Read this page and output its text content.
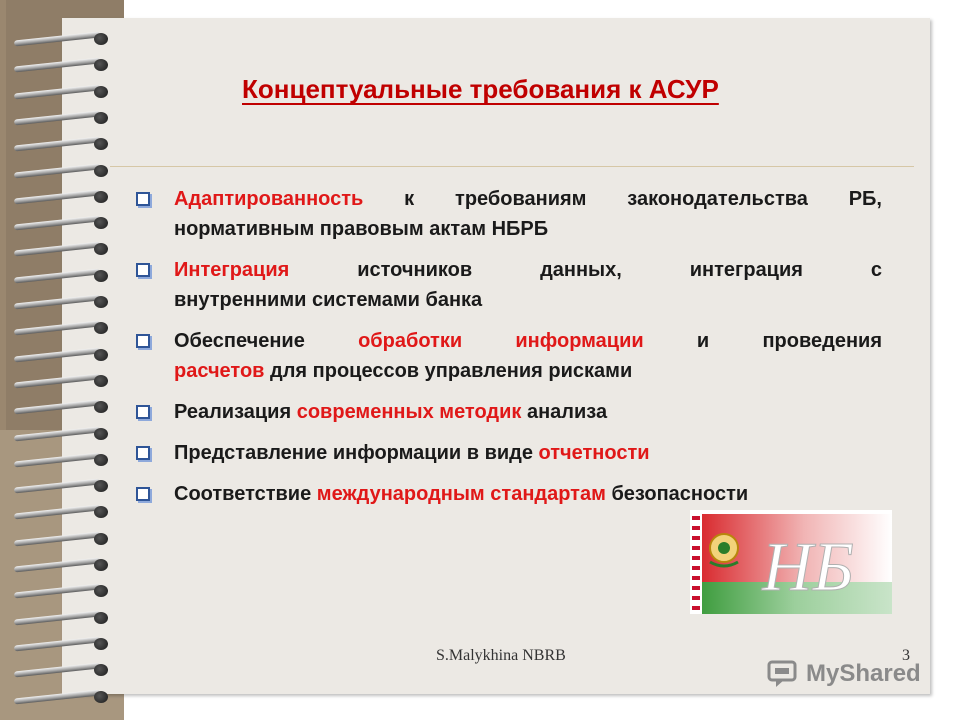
Концептуальные требования к АСУР
Адаптированность к требованиям законодательства РБ,
нормативным правовым актам НБРБ
Интеграция источников данных, интеграция с
внутренними системами банка
Обеспечение обработки информации и проведения
расчетов для процессов управления рисками
Реализация современных методик анализа
Представление информации в виде отчетности
Соответствие международным стандартам безопасности
НБ
S.Malykhina NBRB	3
MyShared
